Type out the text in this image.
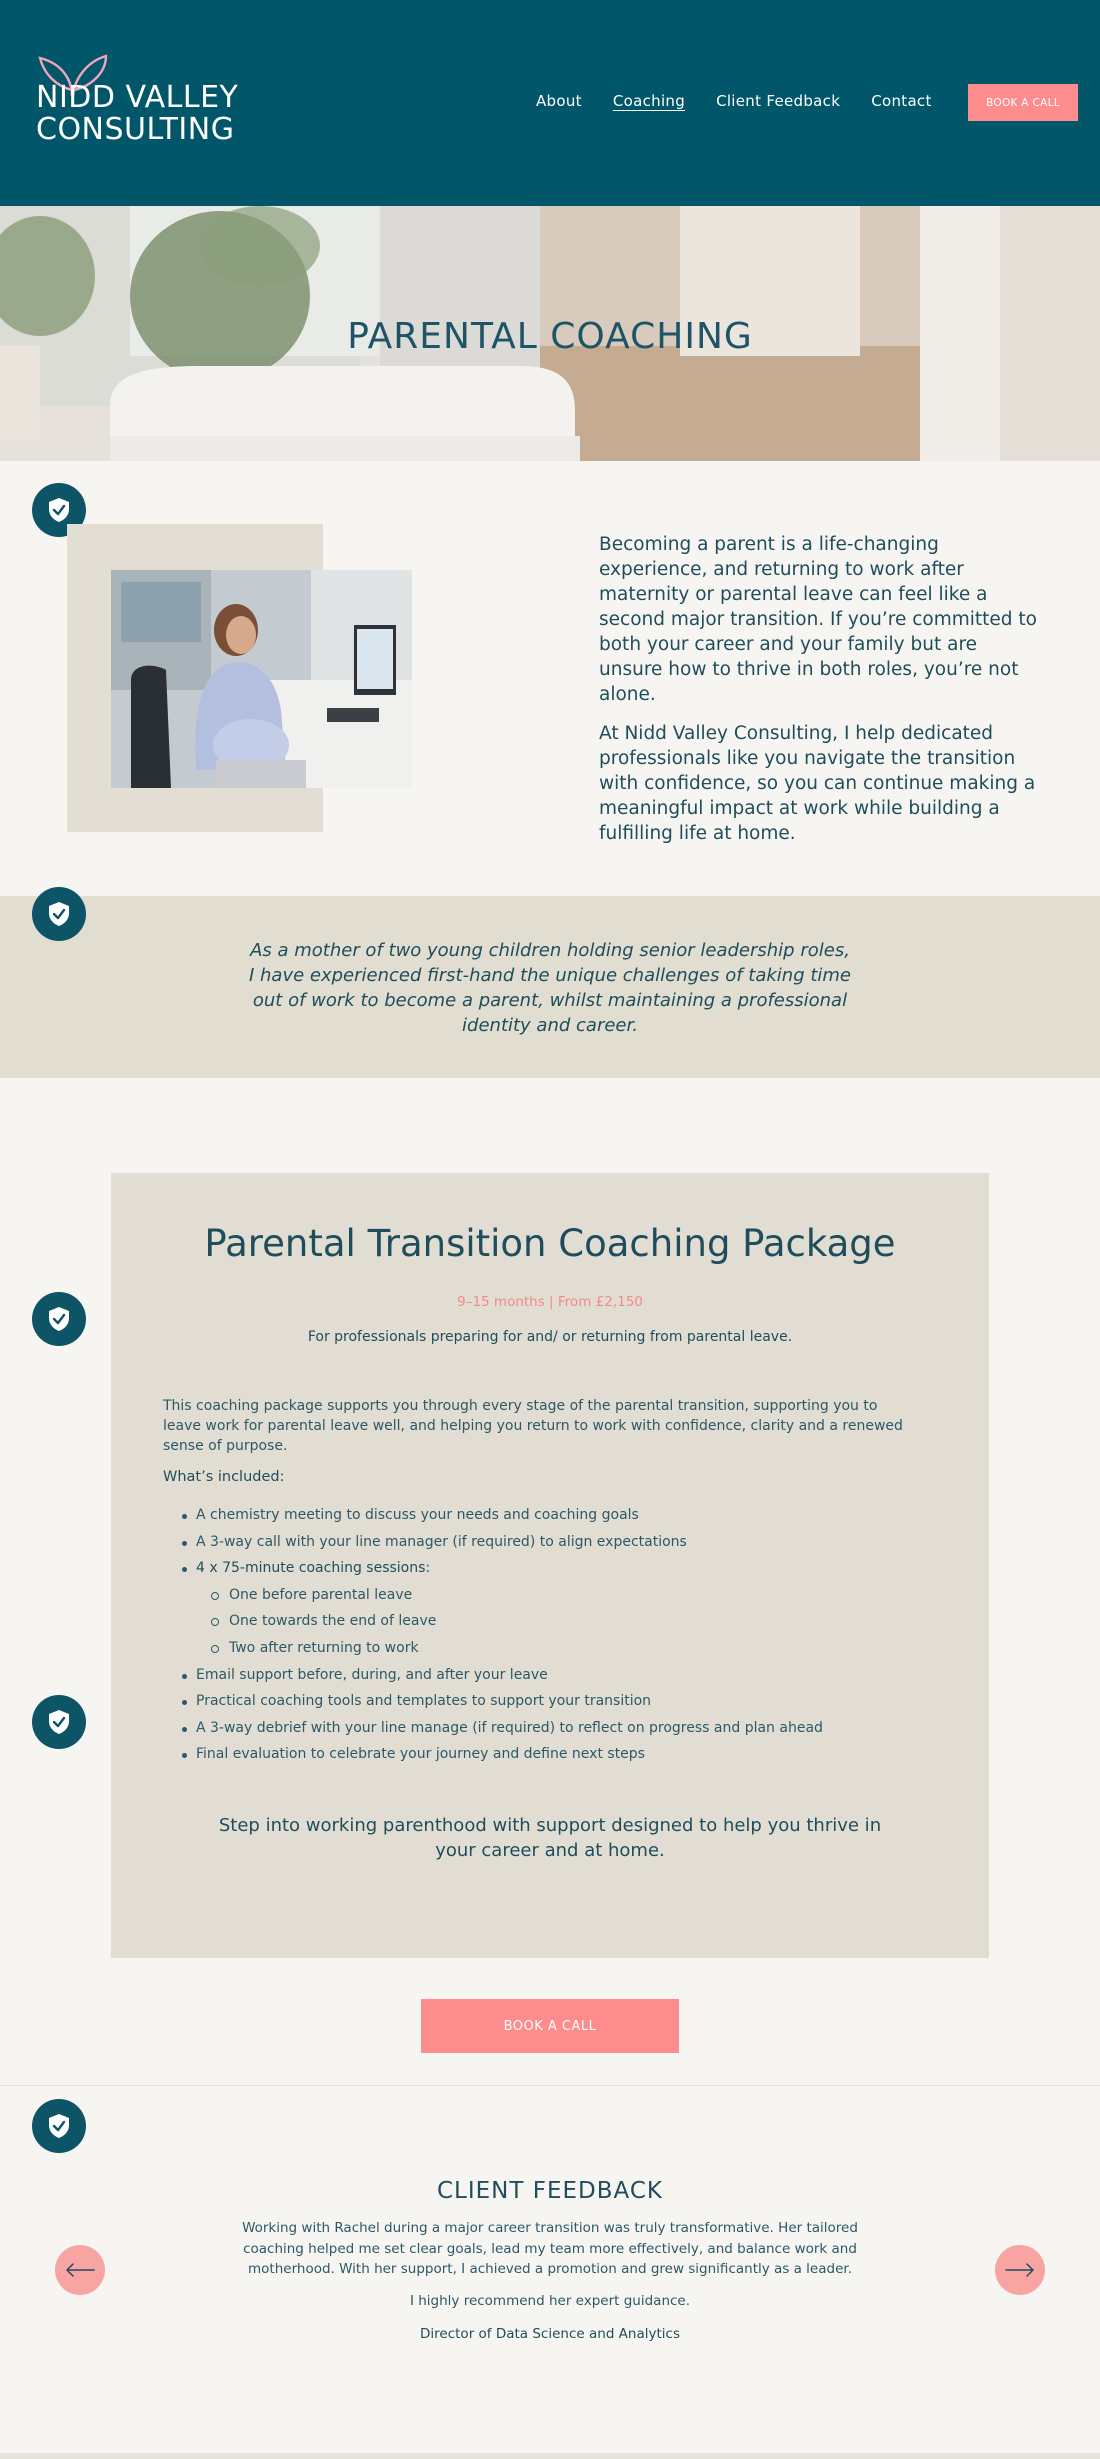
NIDD VALLEY
CONSULTING
About Coaching Client Feedback Contact	BOOK A CALL
PARENTAL COACHING

Becoming a parent is a life-changing experience, and returning to work after maternity or parental leave can feel like a second major transition. If you’re committed to both your career and your family but are unsure how to thrive in both roles, you’re not alone.

At Nidd Valley Consulting, I help dedicated professionals like you navigate the transition with confidence, so you can continue making a meaningful impact at work while building a fulfilling life at home.

As a mother of two young children holding senior leadership roles, I have experienced first-hand the unique challenges of taking time out of work to become a parent, whilst maintaining a professional identity and career.
Parental Transition Coaching Package
9–15 months | From £2,150
For professionals preparing for and/ or returning from parental leave.
This coaching package supports you through every stage of the parental transition, supporting you to leave work for parental leave well, and helping you return to work with confidence, clarity and a renewed sense of purpose.
What’s included:
A chemistry meeting to discuss your needs and coaching goals
A 3-way call with your line manager (if required) to align expectations
4 x 75-minute coaching sessions:
One before parental leave
One towards the end of leave
Two after returning to work
Email support before, during, and after your leave
Practical coaching tools and templates to support your transition
A 3-way debrief with your line manage (if required) to reflect on progress and plan ahead
Final evaluation to celebrate your journey and define next steps
Step into working parenthood with support designed to help you thrive in your career and at home.
BOOK A CALL
CLIENT FEEDBACK
Working with Rachel during a major career transition was truly transformative. Her tailored coaching helped me set clear goals, lead my team more effectively, and balance work and motherhood. With her support, I achieved a promotion and grew significantly as a leader.
I highly recommend her expert guidance.
Director of Data Science and Analytics
